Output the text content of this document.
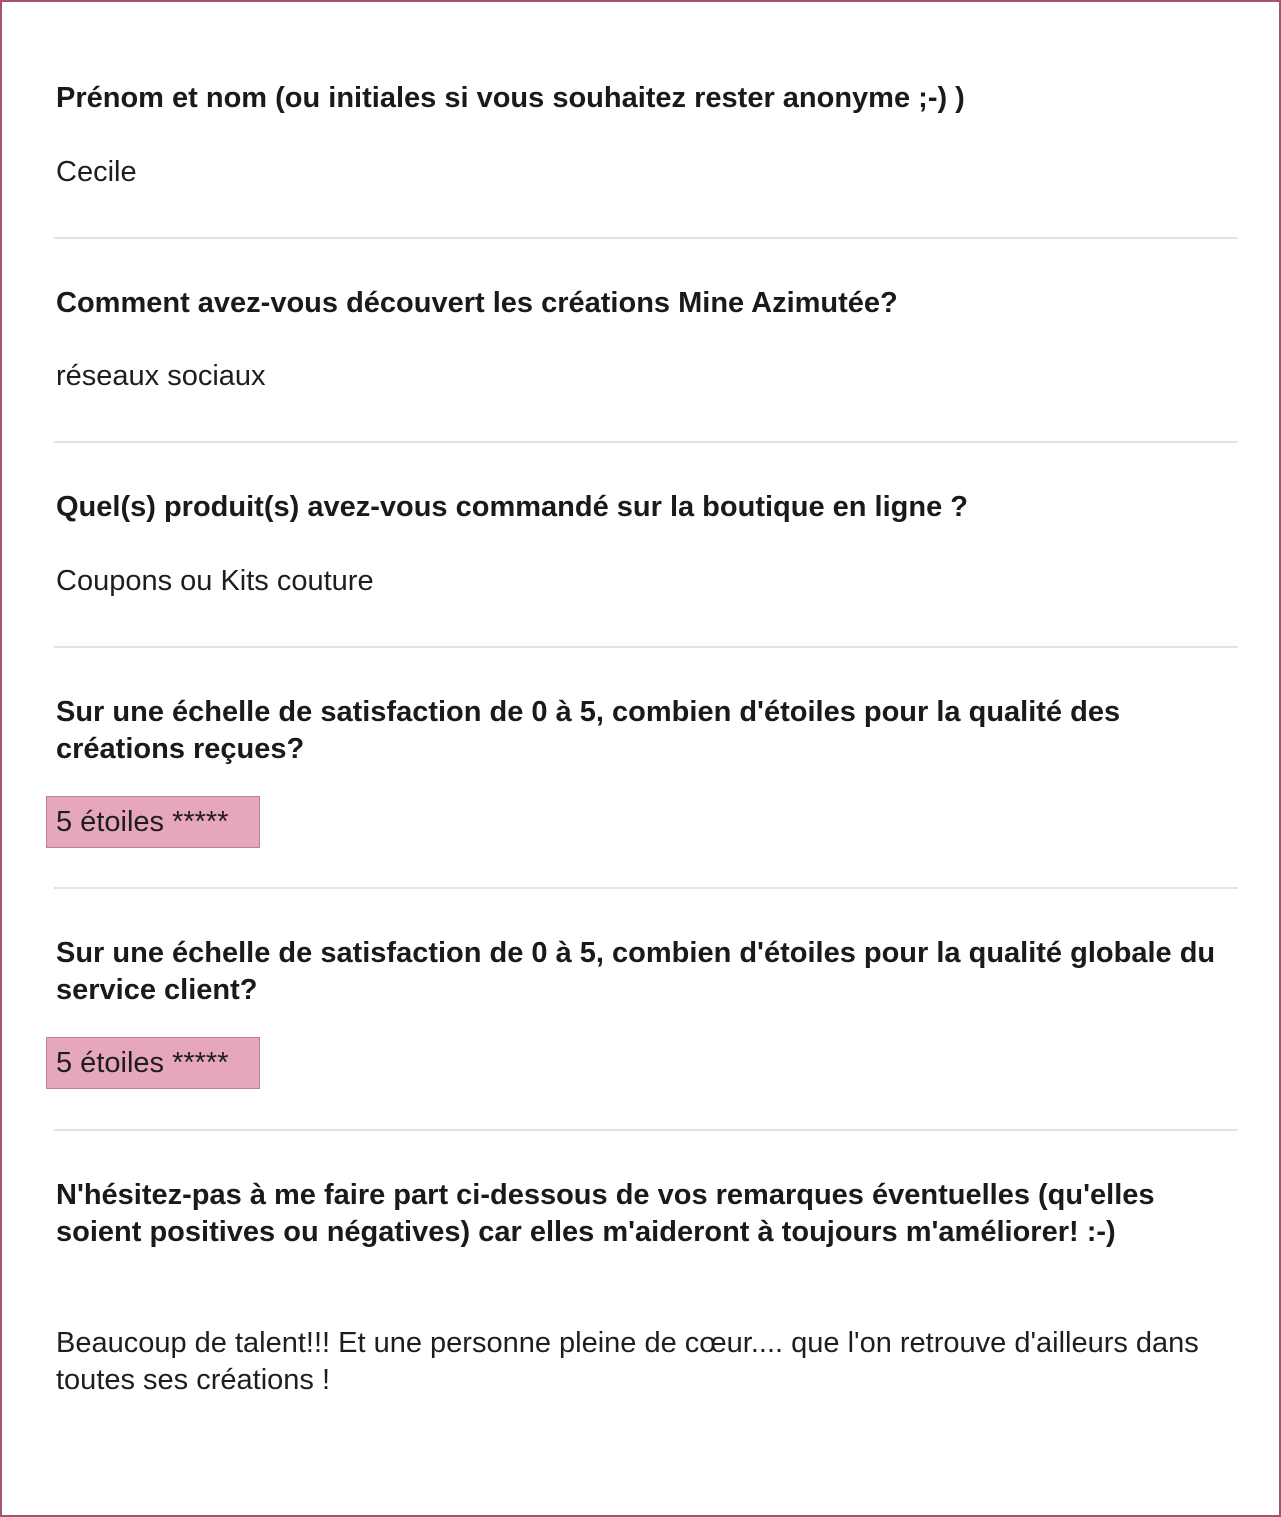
Prénom et nom (ou initiales si vous souhaitez rester anonyme ;-) )

Cecile

Comment avez-vous découvert les créations Mine Azimutée?

réseaux sociaux

Quel(s) produit(s) avez-vous commandé sur la boutique en ligne ?

Coupons ou Kits couture

Sur une échelle de satisfaction de 0 à 5, combien d'étoiles pour la qualité des créations reçues?

5 étoiles *****

Sur une échelle de satisfaction de 0 à 5, combien d'étoiles pour la qualité globale du service client?

5 étoiles *****

N'hésitez-pas à me faire part ci-dessous de vos remarques éventuelles (qu'elles soient positives ou négatives) car elles m'aideront à toujours m'améliorer! :-)

Beaucoup de talent!!! Et une personne pleine de cœur.... que l'on retrouve d'ailleurs dans toutes ses créations !
